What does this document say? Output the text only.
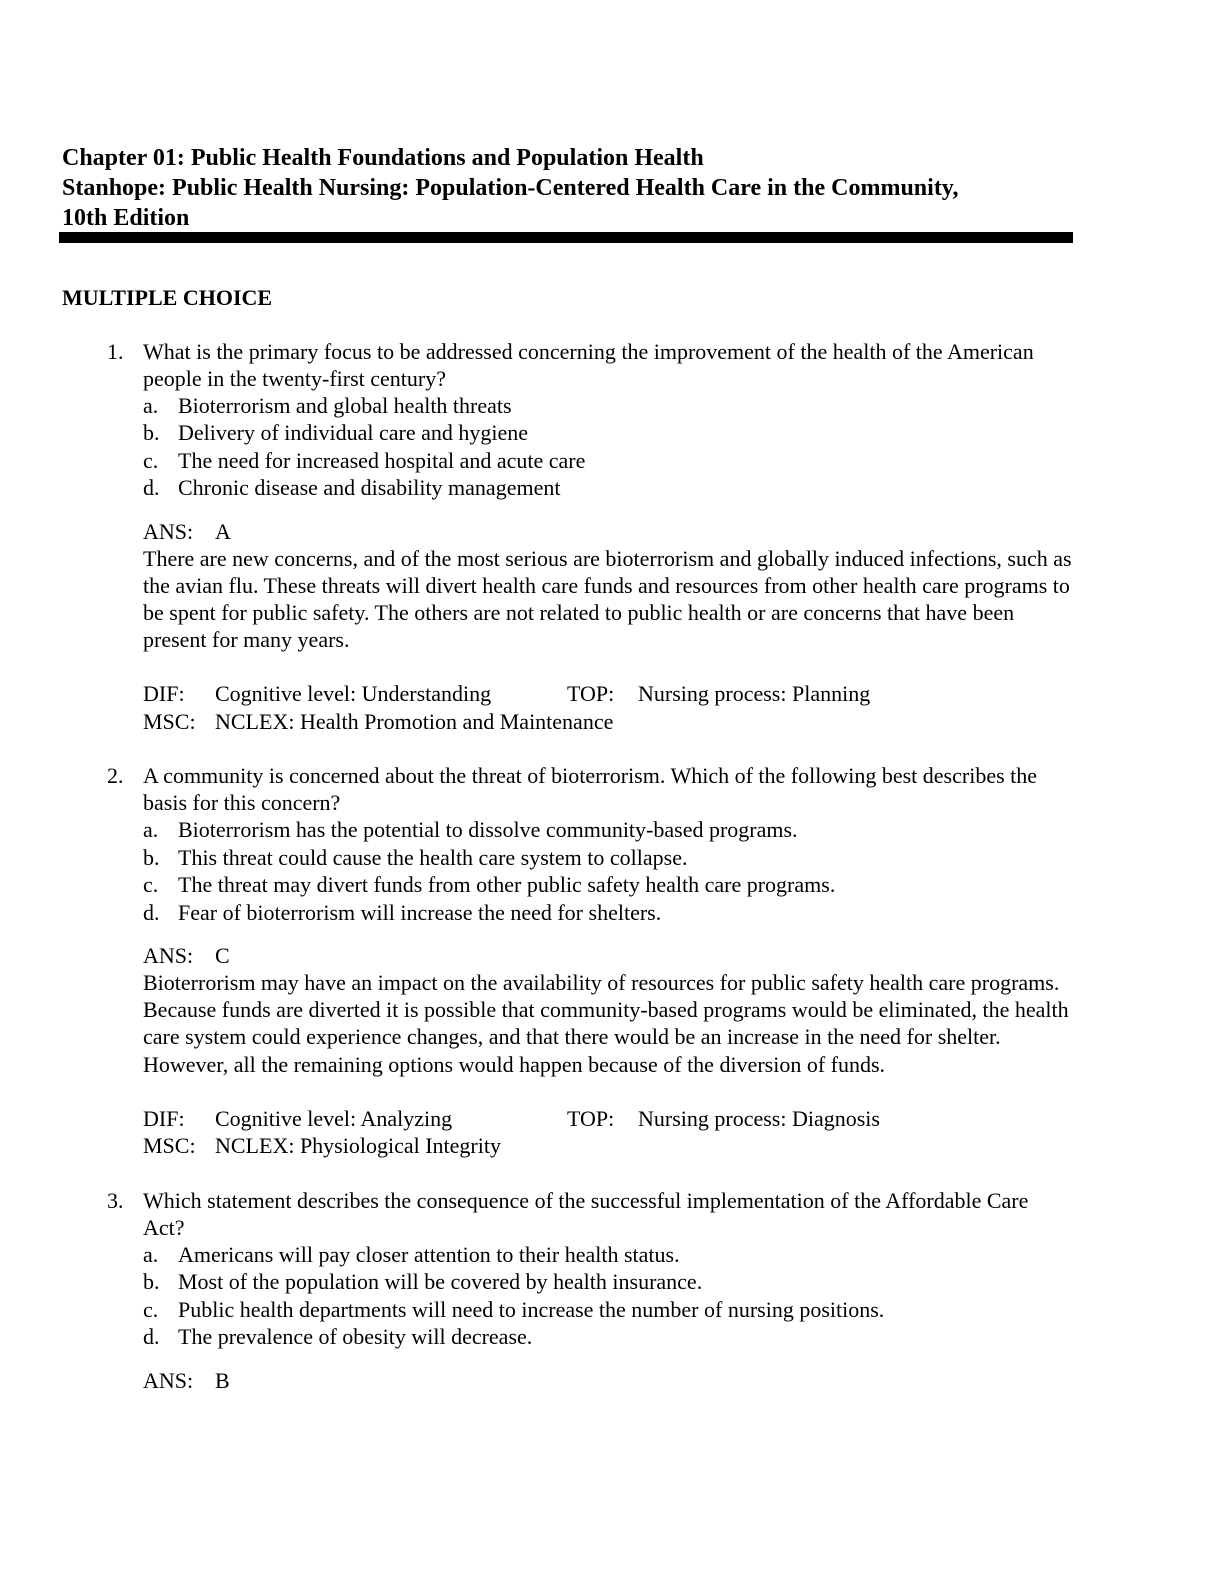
Chapter 01: Public Health Foundations and Population Health
Stanhope: Public Health Nursing: Population-Centered Health Care in the Community,
10th Edition
MULTIPLE CHOICE
1. What is the primary focus to be addressed concerning the improvement of the health of the American people in the twenty-first century?
a. Bioterrorism and global health threats
b. Delivery of individual care and hygiene
c. The need for increased hospital and acute care
d. Chronic disease and disability management
ANS: A
There are new concerns, and of the most serious are bioterrorism and globally induced infections, such as the avian flu. These threats will divert health care funds and resources from other health care programs to be spent for public safety. The others are not related to public health or are concerns that have been present for many years.
DIF: Cognitive level: Understanding	TOP: Nursing process: Planning
MSC: NCLEX: Health Promotion and Maintenance
2. A community is concerned about the threat of bioterrorism. Which of the following best describes the basis for this concern?
a. Bioterrorism has the potential to dissolve community-based programs.
b. This threat could cause the health care system to collapse.
c. The threat may divert funds from other public safety health care programs.
d. Fear of bioterrorism will increase the need for shelters.
ANS: C
Bioterrorism may have an impact on the availability of resources for public safety health care programs. Because funds are diverted it is possible that community-based programs would be eliminated, the health care system could experience changes, and that there would be an increase in the need for shelter. However, all the remaining options would happen because of the diversion of funds.
DIF: Cognitive level: Analyzing	TOP: Nursing process: Diagnosis
MSC: NCLEX: Physiological Integrity
3. Which statement describes the consequence of the successful implementation of the Affordable Care Act?
a. Americans will pay closer attention to their health status.
b. Most of the population will be covered by health insurance.
c. Public health departments will need to increase the number of nursing positions.
d. The prevalence of obesity will decrease.
ANS: B
